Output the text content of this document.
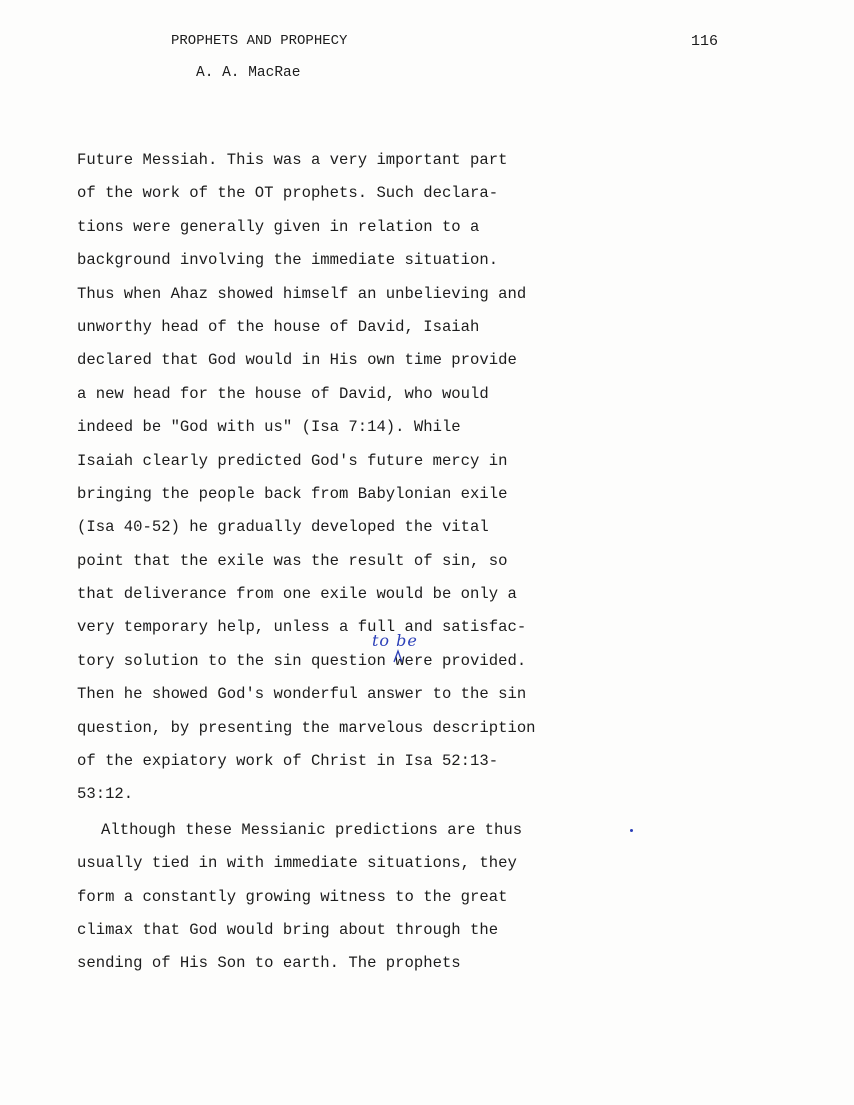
PROPHETS AND PROPHECY
A. A. MacRae
116
Future Messiah. This was a very important part
of the work of the OT prophets. Such declara-
tions were generally given in relation to a
background involving the immediate situation.
Thus when Ahaz showed himself an unbelieving and
unworthy head of the house of David, Isaiah
declared that God would in His own time provide
a new head for the house of David, who would
indeed be "God with us" (Isa 7:14). While
Isaiah clearly predicted God's future mercy in
bringing the people back from Babylonian exile
(Isa 40-52) he gradually developed the vital
point that the exile was the result of sin, so
that deliverance from one exile would be only a
very temporary help, unless a full and satisfac-
tory solution to the sin question were provided.
Then he showed God's wonderful answer to the sin
question, by presenting the marvelous description
of the expiatory work of Christ in Isa 52:13-
53:12.
Although these Messianic predictions are thus
usually tied in with immediate situations, they
form a constantly growing witness to the great
climax that God would bring about through the
sending of His Son to earth. The prophets
to be
